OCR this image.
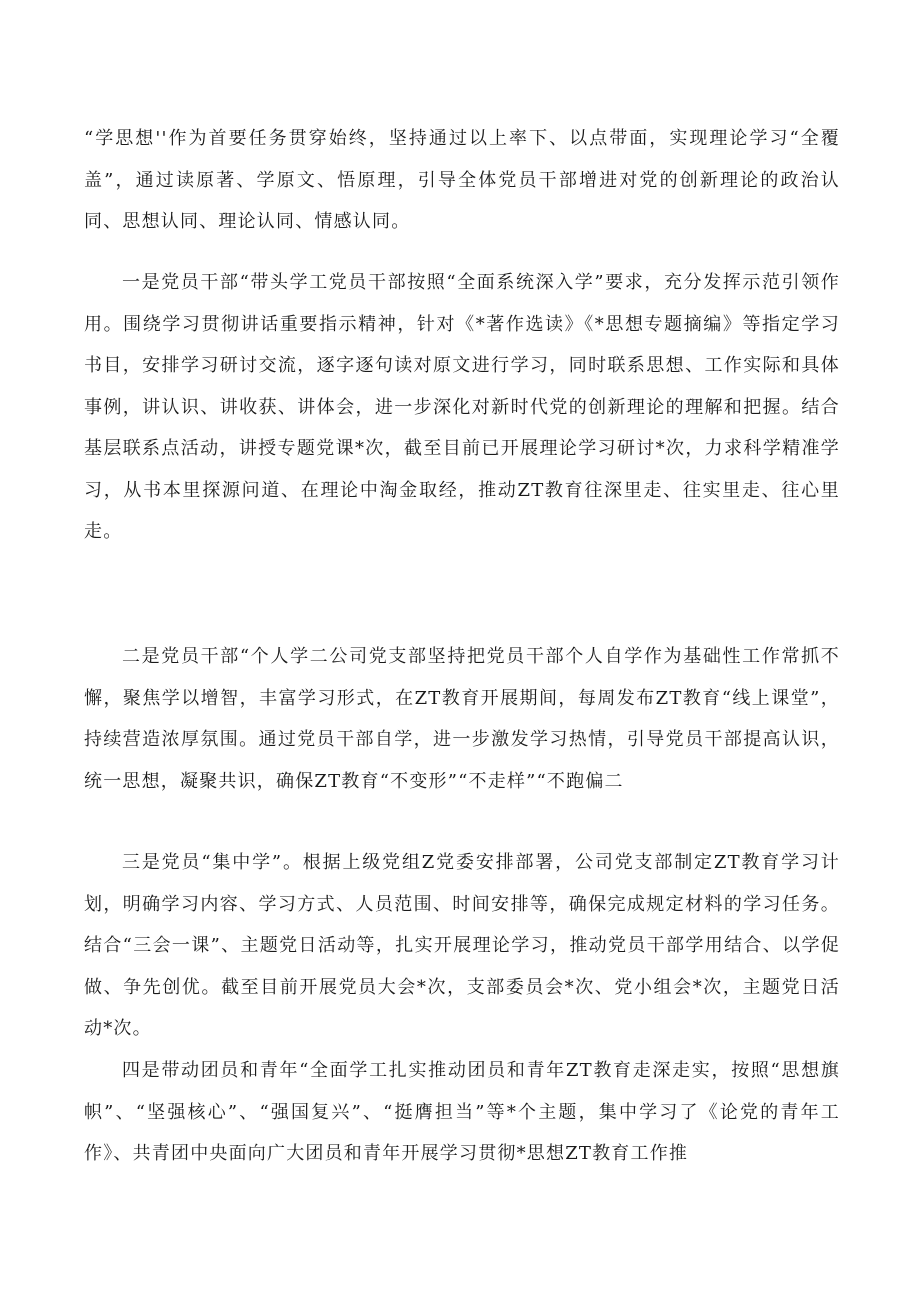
“学思想''作为首要任务贯穿始终，坚持通过以上率下、以点带面，实现理论学习“全覆盖”，通过读原著、学原文、悟原理，引导全体党员干部增进对党的创新理论的政治认同、思想认同、理论认同、情感认同。

一是党员干部“带头学工党员干部按照“全面系统深入学”要求，充分发挥示范引领作用。围绕学习贯彻讲话重要指示精神，针对《*著作选读》《*思想专题摘编》等指定学习书目，安排学习研讨交流，逐字逐句读对原文进行学习，同时联系思想、工作实际和具体事例，讲认识、讲收获、讲体会，进一步深化对新时代党的创新理论的理解和把握。结合基层联系点活动，讲授专题党课*次，截至目前已开展理论学习研讨*次，力求科学精准学习，从书本里探源问道、在理论中淘金取经，推动ZT教育往深里走、往实里走、往心里走。

二是党员干部“个人学二公司党支部坚持把党员干部个人自学作为基础性工作常抓不懈，聚焦学以增智，丰富学习形式，在ZT教育开展期间，每周发布ZT教育“线上课堂”，持续营造浓厚氛围。通过党员干部自学，进一步激发学习热情，引导党员干部提高认识，统一思想，凝聚共识，确保ZT教育“不变形”“不走样”“不跑偏二

三是党员“集中学”。根据上级党组Z党委安排部署，公司党支部制定ZT教育学习计划，明确学习内容、学习方式、人员范围、时间安排等，确保完成规定材料的学习任务。结合“三会一课”、主题党日活动等，扎实开展理论学习，推动党员干部学用结合、以学促做、争先创优。截至目前开展党员大会*次，支部委员会*次、党小组会*次，主题党日活动*次。

四是带动团员和青年“全面学工扎实推动团员和青年ZT教育走深走实，按照“思想旗帜”、“坚强核心”、“强国复兴”、“挺膺担当”等*个主题，集中学习了《论党的青年工作》、共青团中央面向广大团员和青年开展学习贯彻*思想ZT教育工作推
